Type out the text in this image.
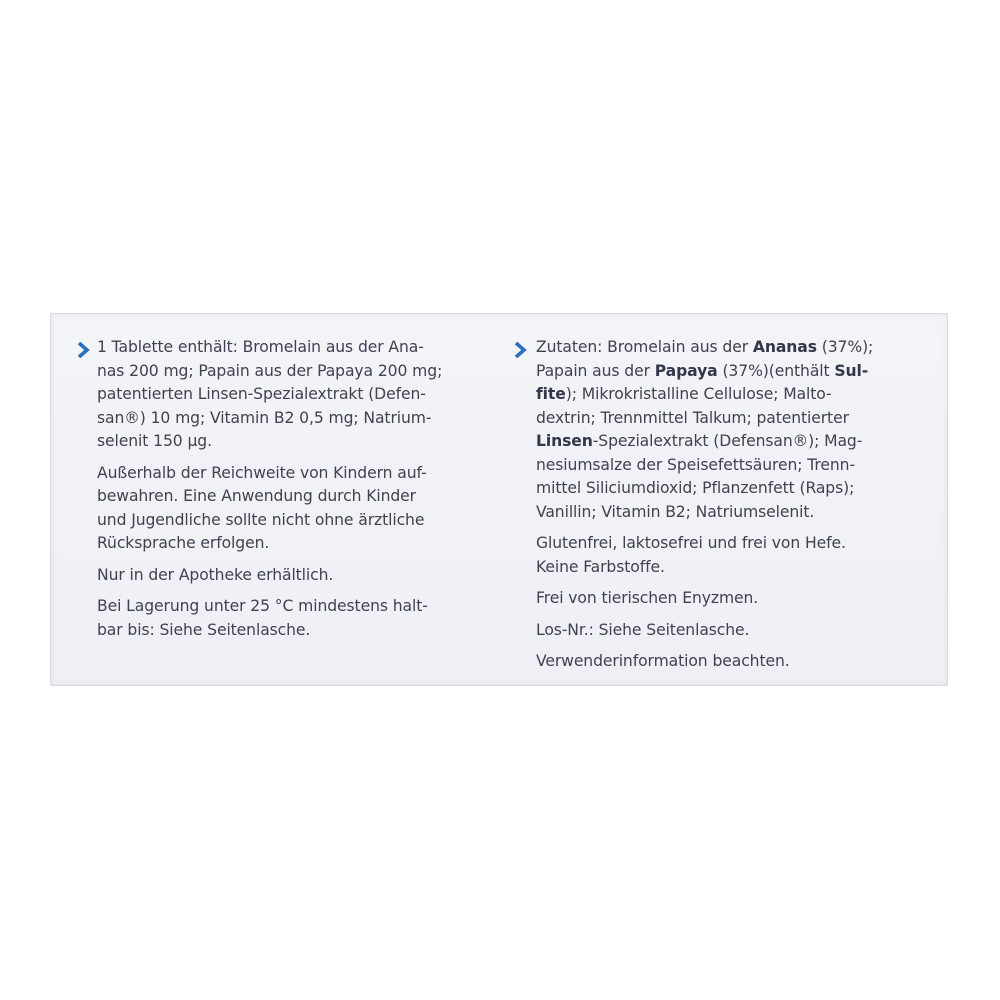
1 Tablette enthält: Bromelain aus der Ana-
nas 200 mg; Papain aus der Papaya 200 mg;
patentierten Linsen-Spezialextrakt (Defen-
san®) 10 mg; Vitamin B2 0,5 mg; Natrium-
selenit 150 µg.
Außerhalb der Reichweite von Kindern auf-
bewahren. Eine Anwendung durch Kinder
und Jugendliche sollte nicht ohne ärztliche
Rücksprache erfolgen.
Nur in der Apotheke erhältlich.
Bei Lagerung unter 25 °C mindestens halt-
bar bis: Siehe Seitenlasche.
Zutaten: Bromelain aus der Ananas (37%);
Papain aus der Papaya (37%)(enthält Sul-
fite); Mikrokristalline Cellulose; Malto-
dextrin; Trennmittel Talkum; patentierter
Linsen-Spezialextrakt (Defensan®); Mag-
nesiumsalze der Speisefettsäuren; Trenn-
mittel Siliciumdioxid; Pflanzenfett (Raps);
Vanillin; Vitamin B2; Natriumselenit.
Glutenfrei, laktosefrei und frei von Hefe.
Keine Farbstoffe.
Frei von tierischen Enyzmen.
Los-Nr.: Siehe Seitenlasche.
Verwenderinformation beachten.
